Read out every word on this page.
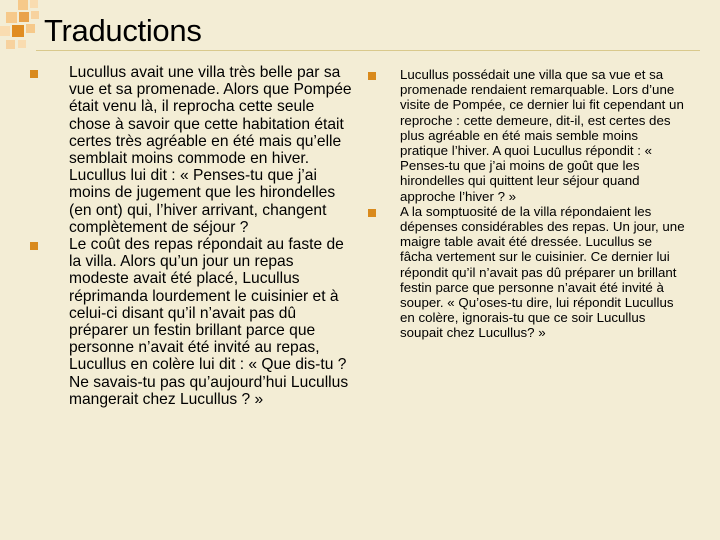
Traductions
Lucullus avait une villa très belle par sa vue et sa promenade. Alors que Pompée était venu là, il reprocha cette seule chose à savoir que cette habitation était certes très agréable en été mais qu’elle semblait moins commode en hiver. Lucullus lui dit : « Penses-tu que j’ai moins de jugement que les hirondelles (en ont) qui, l’hiver arrivant, changent complètement de séjour ?
Le coût des repas répondait au faste de la villa. Alors qu’un jour un repas modeste avait été placé, Lucullus réprimanda lourdement le cuisinier et à celui-ci disant qu’il n’avait pas dû préparer un festin brillant parce que personne n’avait été invité au repas, Lucullus en colère lui dit : « Que dis-tu ? Ne savais-tu pas qu’aujourd’hui Lucullus mangerait chez Lucullus ? »
Lucullus possédait une villa que sa vue et sa promenade rendaient remarquable. Lors d’une visite de Pompée, ce dernier lui fit cependant un reproche : cette demeure, dit-il, est certes des plus agréable en été mais semble moins pratique l’hiver. A quoi Lucullus répondit : « Penses-tu que j’ai moins de goût que les hirondelles qui quittent leur séjour quand approche l’hiver ? »
A la somptuosité de la villa répondaient les dépenses considérables des repas. Un jour, une maigre table avait été dressée. Lucullus se fâcha vertement sur le cuisinier. Ce dernier lui répondit qu’il n’avait pas dû préparer un brillant festin parce que personne n’avait été invité à souper. « Qu’oses-tu dire, lui répondit Lucullus en colère, ignorais-tu que ce soir Lucullus soupait chez Lucullus? »
